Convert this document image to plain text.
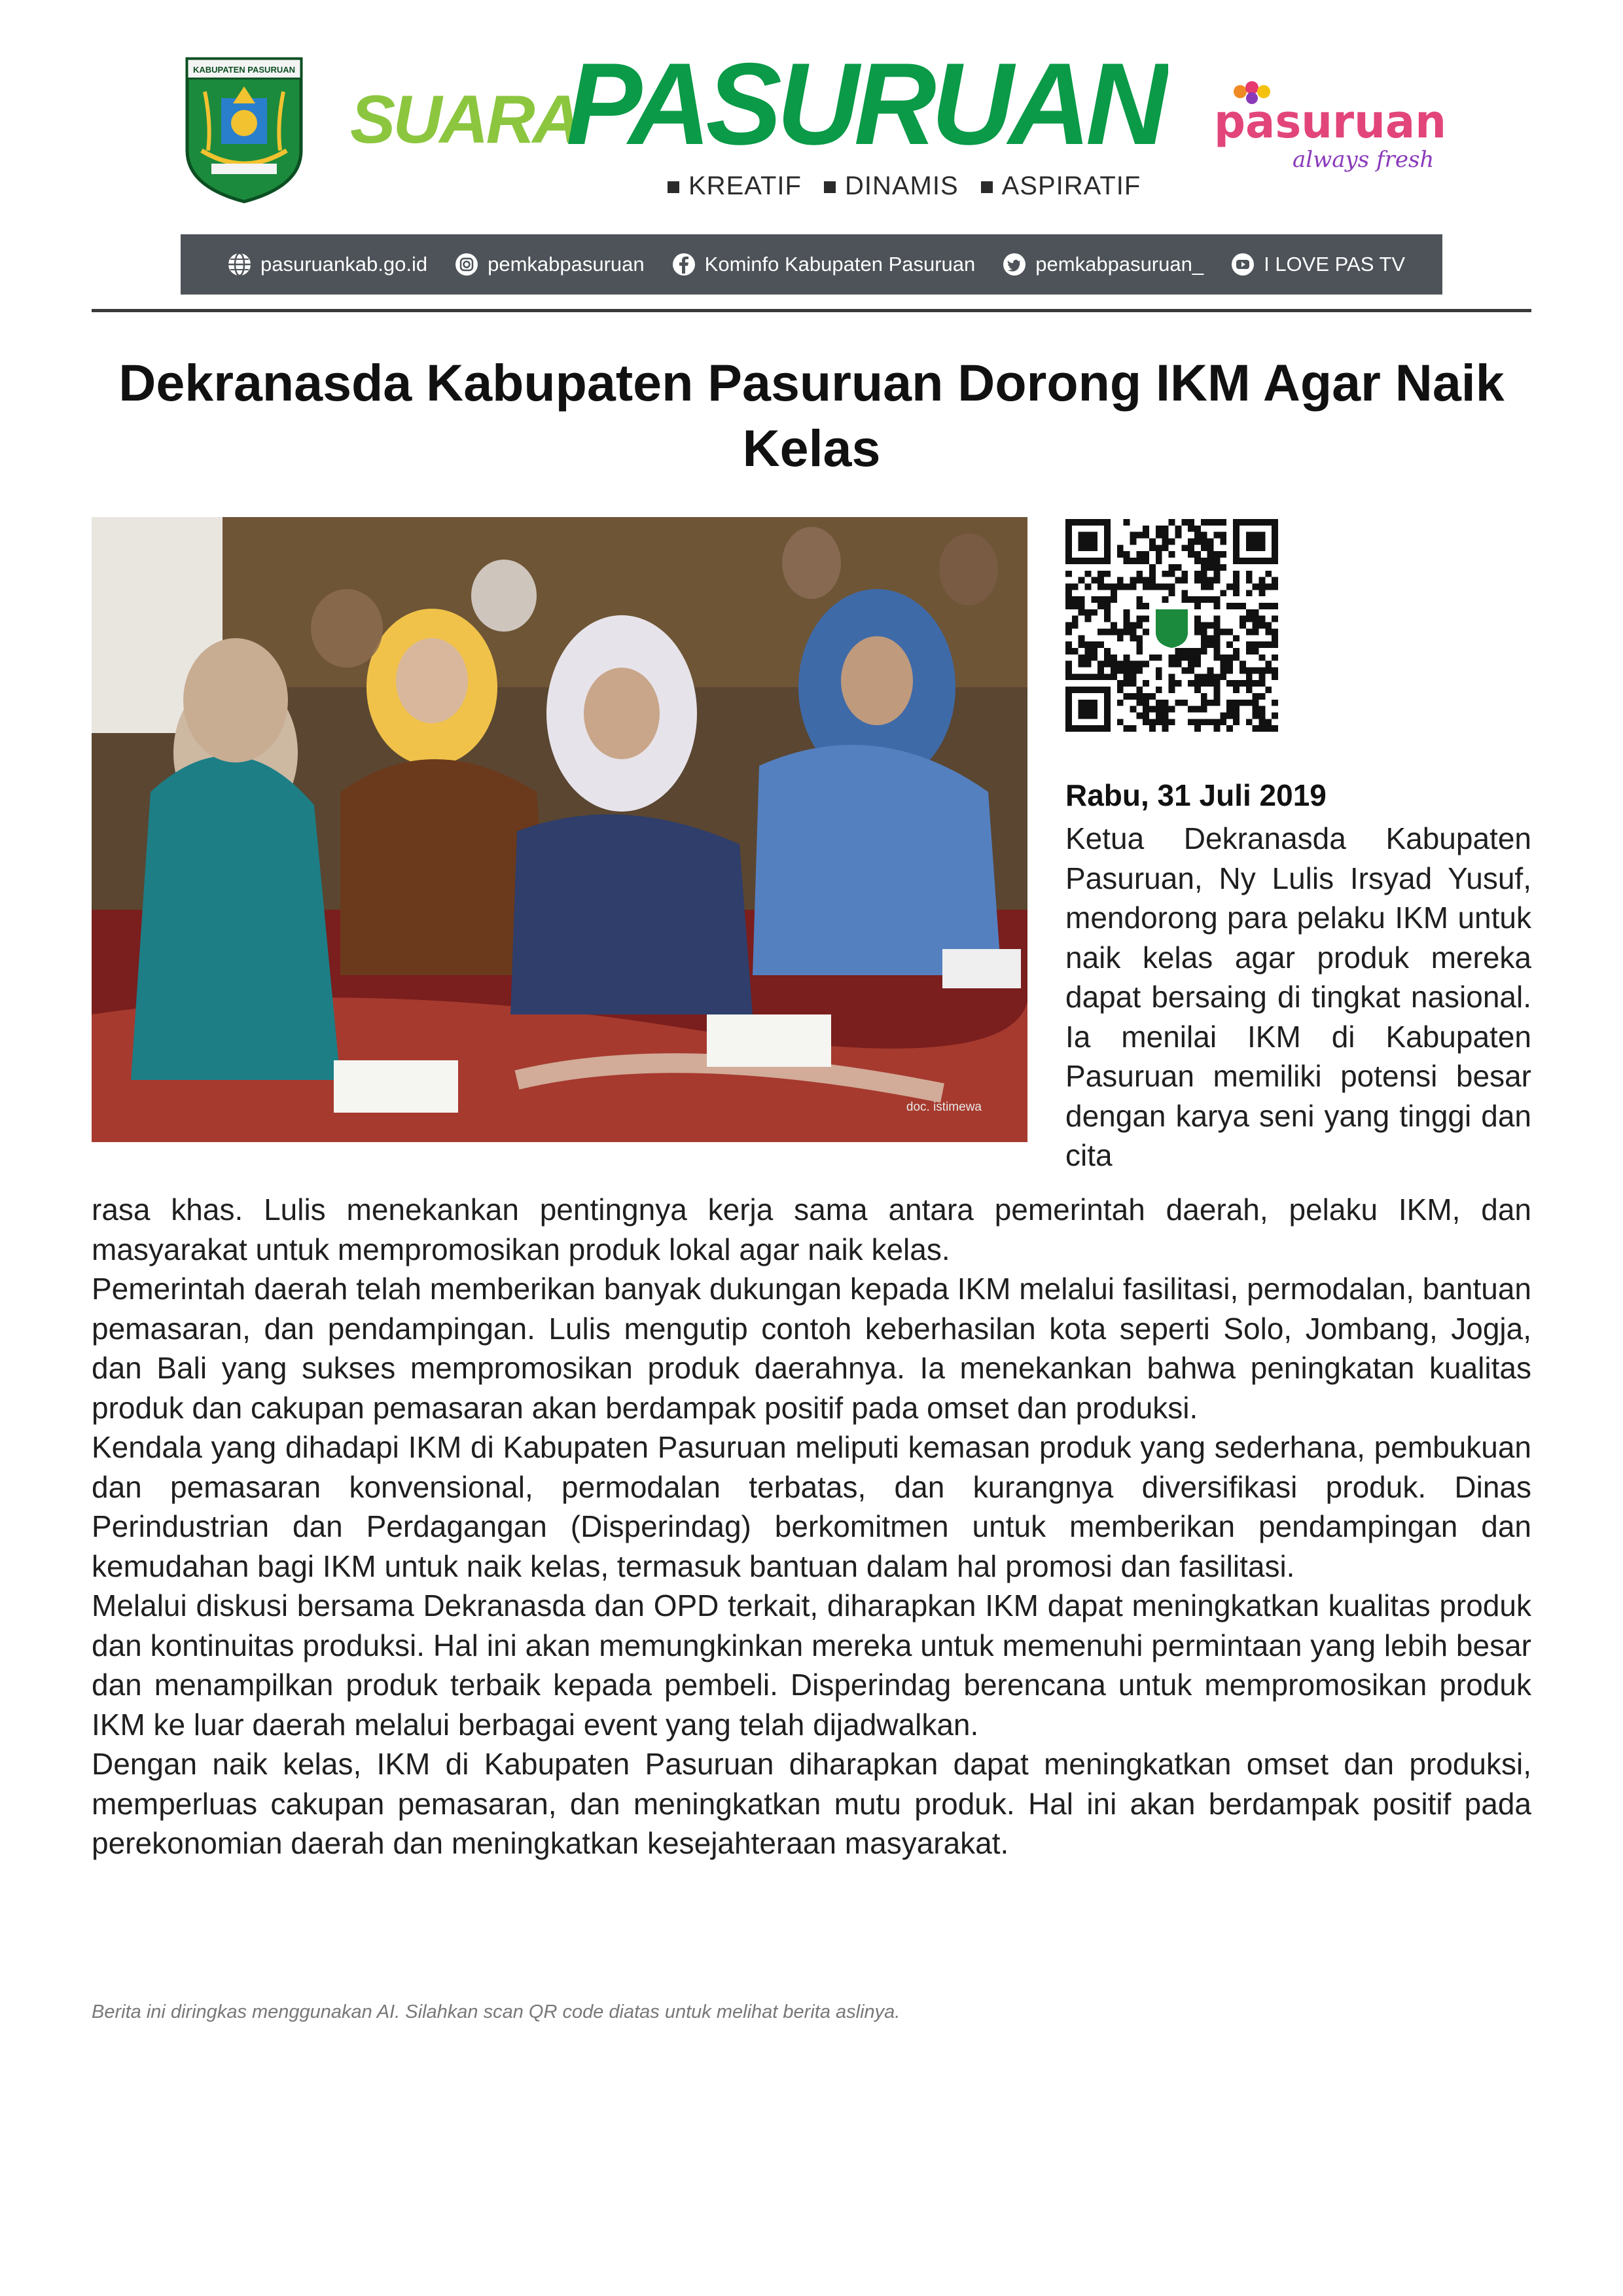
KABUPATEN PASURUAN
SUARA
PASURUAN
KREATIF	DINAMIS	ASPIRATIF
pasuruan
always fresh
pasuruankab.go.id	pemkabpasuruan	Kominfo Kabupaten Pasuruan	pemkabpasuruan_	I LOVE PAS TV
Dekranasda Kabupaten Pasuruan Dorong IKM Agar Naik Kelas
doc. istimewa

Rabu, 31 Juli 2019

Ketua Dekranasda Kabupaten Pasuruan, Ny Lulis Irsyad Yusuf, mendorong para pelaku IKM untuk naik kelas agar produk mereka dapat bersaing di tingkat nasional. Ia menilai IKM di Kabupaten Pasuruan memiliki potensi besar dengan karya seni yang tinggi dan cita

rasa khas. Lulis menekankan pentingnya kerja sama antara pemerintah daerah, pelaku IKM, dan masyarakat untuk mempromosikan produk lokal agar naik kelas.

Pemerintah daerah telah memberikan banyak dukungan kepada IKM melalui fasilitasi, permodalan, bantuan pemasaran, dan pendampingan. Lulis mengutip contoh keberhasilan kota seperti Solo, Jombang, Jogja, dan Bali yang sukses mempromosikan produk daerahnya. Ia menekankan bahwa peningkatan kualitas produk dan cakupan pemasaran akan berdampak positif pada omset dan produksi.

Kendala yang dihadapi IKM di Kabupaten Pasuruan meliputi kemasan produk yang sederhana, pembukuan dan pemasaran konvensional, permodalan terbatas, dan kurangnya diversifikasi produk. Dinas Perindustrian dan Perdagangan (Disperindag) berkomitmen untuk memberikan pendampingan dan kemudahan bagi IKM untuk naik kelas, termasuk bantuan dalam hal promosi dan fasilitasi.

Melalui diskusi bersama Dekranasda dan OPD terkait, diharapkan IKM dapat meningkatkan kualitas produk dan kontinuitas produksi. Hal ini akan memungkinkan mereka untuk memenuhi permintaan yang lebih besar dan menampilkan produk terbaik kepada pembeli. Disperindag berencana untuk mempromosikan produk IKM ke luar daerah melalui berbagai event yang telah dijadwalkan.

Dengan naik kelas, IKM di Kabupaten Pasuruan diharapkan dapat meningkatkan omset dan produksi, memperluas cakupan pemasaran, dan meningkatkan mutu produk. Hal ini akan berdampak positif pada perekonomian daerah dan meningkatkan kesejahteraan masyarakat.

Berita ini diringkas menggunakan AI. Silahkan scan QR code diatas untuk melihat berita aslinya.
